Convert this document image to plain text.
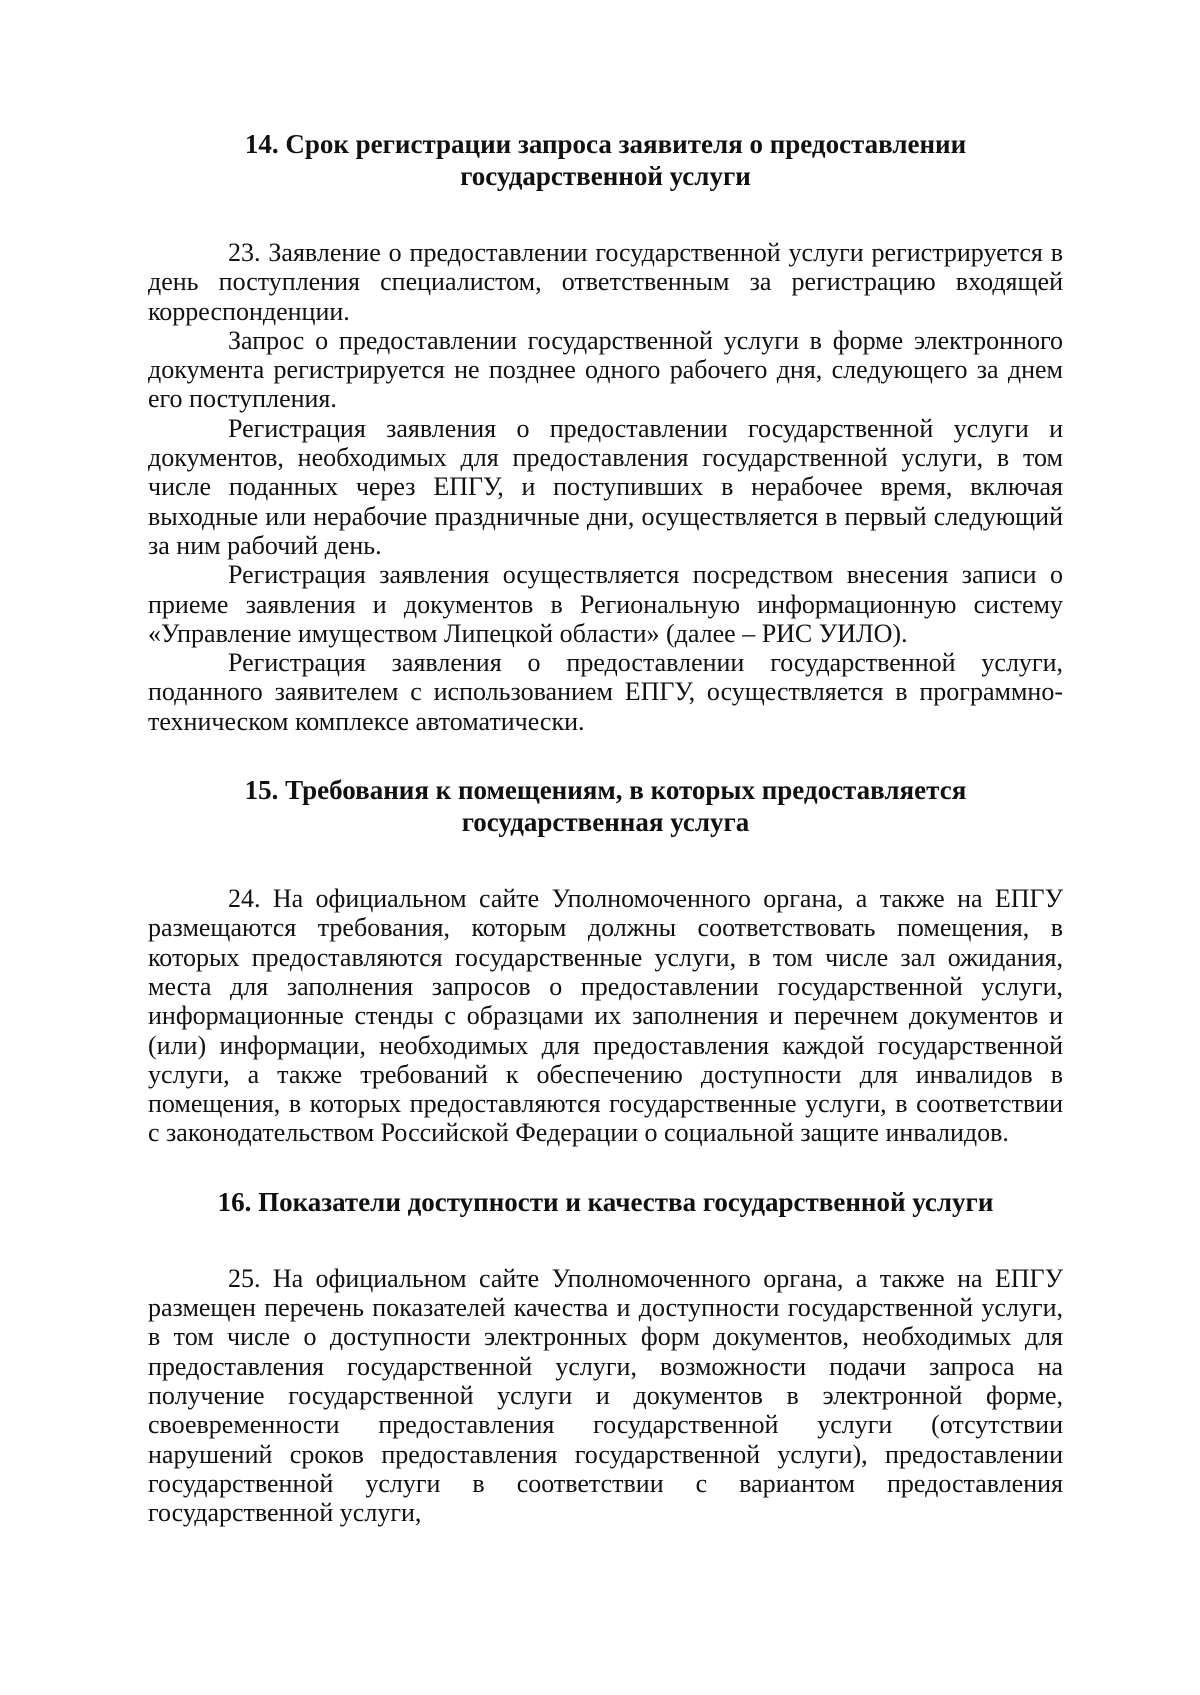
14. Срок регистрации запроса заявителя о предоставлении государственной услуги

23. Заявление о предоставлении государственной услуги регистрируется в день поступления специалистом, ответственным за регистрацию входящей корреспонденции.

Запрос о предоставлении государственной услуги в форме электронного документа регистрируется не позднее одного рабочего дня, следующего за днем его поступления.

Регистрация заявления о предоставлении государственной услуги и документов, необходимых для предоставления государственной услуги, в том числе поданных через ЕПГУ, и поступивших в нерабочее время, включая выходные или нерабочие праздничные дни, осуществляется в первый следующий за ним рабочий день.

Регистрация заявления осуществляется посредством внесения записи о приеме заявления и документов в Региональную информационную систему «Управление имуществом Липецкой области» (далее – РИС УИЛО).

Регистрация заявления о предоставлении государственной услуги, поданного заявителем с использованием ЕПГУ, осуществляется в программно-техническом комплексе автоматически.

15. Требования к помещениям, в которых предоставляется государственная услуга

24. На официальном сайте Уполномоченного органа, а также на ЕПГУ размещаются требования, которым должны соответствовать помещения, в которых предоставляются государственные услуги, в том числе зал ожидания, места для заполнения запросов о предоставлении государственной услуги, информационные стенды с образцами их заполнения и перечнем документов и (или) информации, необходимых для предоставления каждой государственной услуги, а также требований к обеспечению доступности для инвалидов в помещения, в которых предоставляются государственные услуги, в соответствии с законодательством Российской Федерации о социальной защите инвалидов.

16. Показатели доступности и качества государственной услуги

25. На официальном сайте Уполномоченного органа, а также на ЕПГУ размещен перечень показателей качества и доступности государственной услуги, в том числе о доступности электронных форм документов, необходимых для предоставления государственной услуги, возможности подачи запроса на получение государственной услуги и документов в электронной форме, своевременности предоставления государственной услуги (отсутствии нарушений сроков предоставления государственной услуги), предоставлении государственной услуги в соответствии с вариантом предоставления государственной услуги,
